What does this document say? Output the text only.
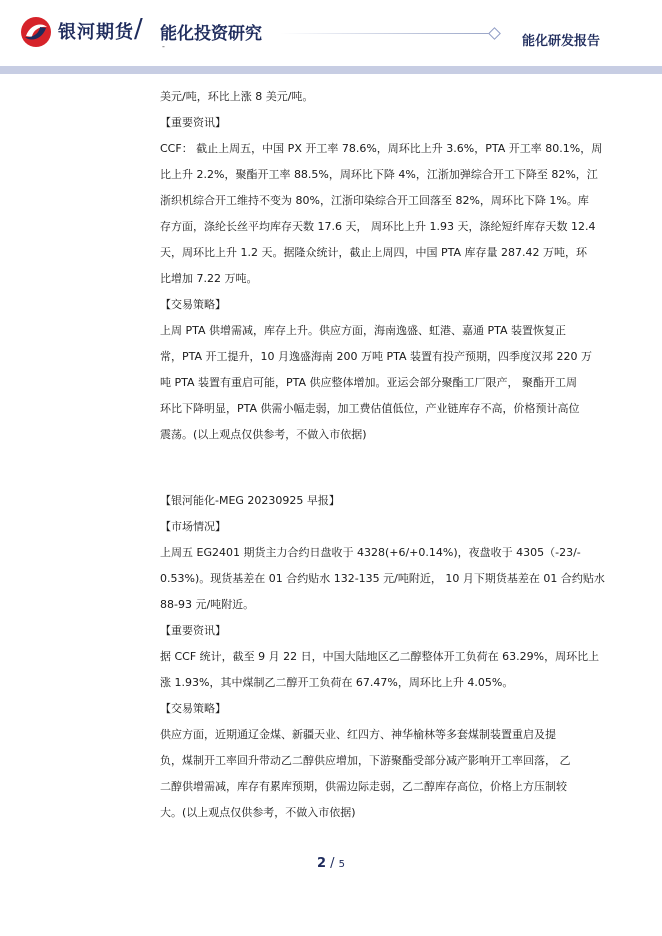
银河期货 / 能化投资研究
-	能化研发报告

美元/吨，环比上涨 8 美元/吨。

【重要资讯】

CCF： 截止上周五，中国 PX 开工率 78.6%，周环比上升 3.6%，PTA 开工率 80.1%，周

比上升 2.2%，聚酯开工率 88.5%，周环比下降 4%，江浙加弹综合开工下降至 82%，江

浙织机综合开工维持不变为 80%，江浙印染综合开工回落至 82%，周环比下降 1%。库

存方面，涤纶长丝平均库存天数 17.6 天， 周环比上升 1.93 天，涤纶短纤库存天数 12.4

天，周环比上升 1.2 天。据隆众统计，截止上周四，中国 PTA 库存量 287.42 万吨，环

比增加 7.22 万吨。

【交易策略】

上周 PTA 供增需减，库存上升。供应方面，海南逸盛、虹港、嘉通 PTA 装置恢复正

常，PTA 开工提升，10 月逸盛海南 200 万吨 PTA 装置有投产预期，四季度汉邦 220 万

吨 PTA 装置有重启可能，PTA 供应整体增加。亚运会部分聚酯工厂限产， 聚酯开工周

环比下降明显，PTA 供需小幅走弱，加工费估值低位，产业链库存不高，价格预计高位

震荡。(以上观点仅供参考，不做入市依据)

【银河能化-MEG 20230925 早报】

【市场情况】

上周五 EG2401 期货主力合约日盘收于 4328(+6/+0.14%)，夜盘收于 4305（-23/-

0.53%)。现货基差在 01 合约贴水 132-135 元/吨附近， 10 月下期货基差在 01 合约贴水

88-93 元/吨附近。

【重要资讯】

据 CCF 统计，截至 9 月 22 日，中国大陆地区乙二醇整体开工负荷在 63.29%，周环比上

涨 1.93%，其中煤制乙二醇开工负荷在 67.47%，周环比上升 4.05%。

【交易策略】

供应方面，近期通辽金煤、新疆天业、红四方、神华榆林等多套煤制装置重启及提

负，煤制开工率回升带动乙二醇供应增加，下游聚酯受部分减产影响开工率回落， 乙

二醇供增需减，库存有累库预期，供需边际走弱，乙二醇库存高位，价格上方压制较

大。(以上观点仅供参考，不做入市依据)

2 / 5
